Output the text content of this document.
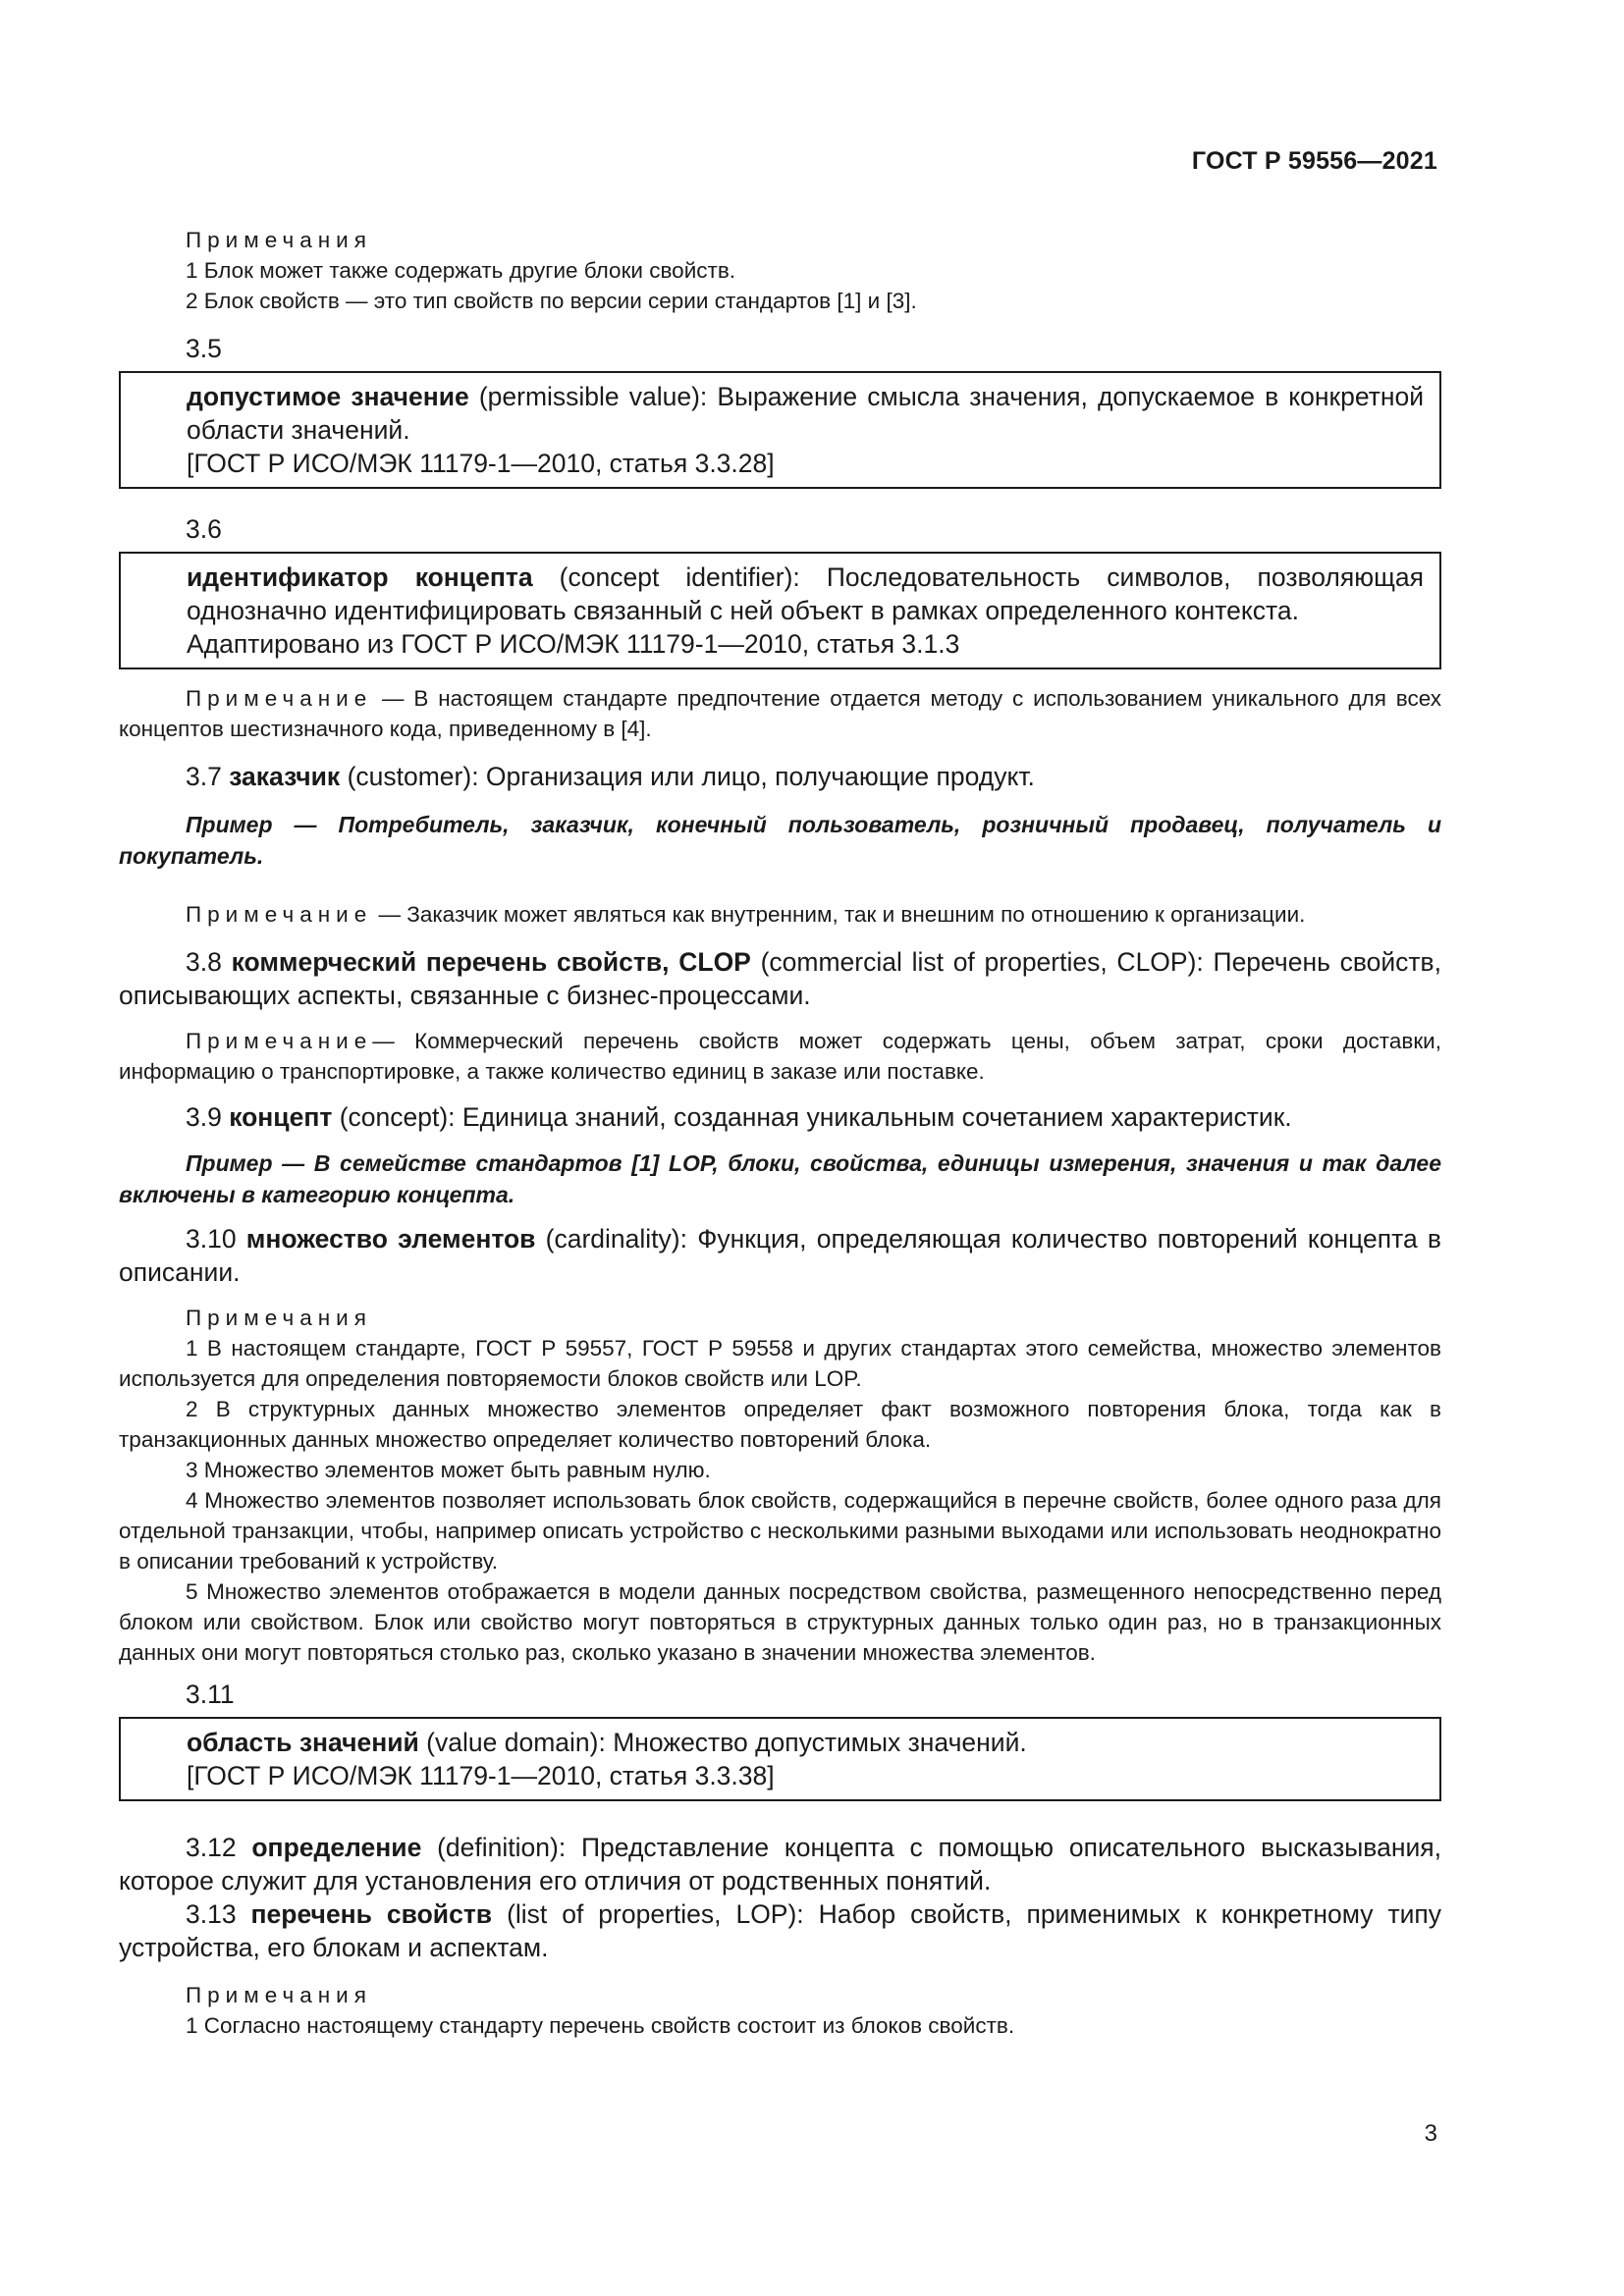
ГОСТ Р 59556—2021

Примечания

1 Блок может также содержать другие блоки свойств.

2 Блок свойств — это тип свойств по версии серии стандартов [1] и [3].

3.5

допустимое значение (permissible value): Выражение смысла значения, допускаемое в конкретной области значений.

[ГОСТ Р ИСО/МЭК 11179-1—2010, статья 3.3.28]

3.6

идентификатор концепта (concept identifier): Последовательность символов, позволяющая однозначно идентифицировать связанный с ней объект в рамках определенного контекста.

Адаптировано из ГОСТ Р ИСО/МЭК 11179-1—2010, статья 3.1.3

Примечание — В настоящем стандарте предпочтение отдается методу с использованием уникального для всех концептов шестизначного кода, приведенному в [4].

3.7 заказчик (customer): Организация или лицо, получающие продукт.

Пример — Потребитель, заказчик, конечный пользователь, розничный продавец, получатель и покупатель.

Примечание — Заказчик может являться как внутренним, так и внешним по отношению к организации.

3.8 коммерческий перечень свойств, CLOP (commercial list of properties, CLOP): Перечень свойств, описывающих аспекты, связанные с бизнес-процессами.

Примечание— Коммерческий перечень свойств может содержать цены, объем затрат, сроки доставки, информацию о транспортировке, а также количество единиц в заказе или поставке.

3.9 концепт (concept): Единица знаний, созданная уникальным сочетанием характеристик.

Пример — В семействе стандартов [1] LOP, блоки, свойства, единицы измерения, значения и так далее включены в категорию концепта.

3.10 множество элементов (cardinality): Функция, определяющая количество повторений концепта в описании.

Примечания

1 В настоящем стандарте, ГОСТ Р 59557, ГОСТ Р 59558 и других стандартах этого семейства, множество элементов используется для определения повторяемости блоков свойств или LOP.

2 В структурных данных множество элементов определяет факт возможного повторения блока, тогда как в транзакционных данных множество определяет количество повторений блока.

3 Множество элементов может быть равным нулю.

4 Множество элементов позволяет использовать блок свойств, содержащийся в перечне свойств, более одного раза для отдельной транзакции, чтобы, например описать устройство с несколькими разными выходами или использовать неоднократно в описании требований к устройству.

5 Множество элементов отображается в модели данных посредством свойства, размещенного непосредственно перед блоком или свойством. Блок или свойство могут повторяться в структурных данных только один раз, но в транзакционных данных они могут повторяться столько раз, сколько указано в значении множества элементов.

3.11

область значений (value domain): Множество допустимых значений.

[ГОСТ Р ИСО/МЭК 11179-1—2010, статья 3.3.38]

3.12 определение (definition): Представление концепта с помощью описательного высказывания, которое служит для установления его отличия от родственных понятий.

3.13 перечень свойств (list of properties, LOP): Набор свойств, применимых к конкретному типу устройства, его блокам и аспектам.

Примечания

1 Согласно настоящему стандарту перечень свойств состоит из блоков свойств.

3
